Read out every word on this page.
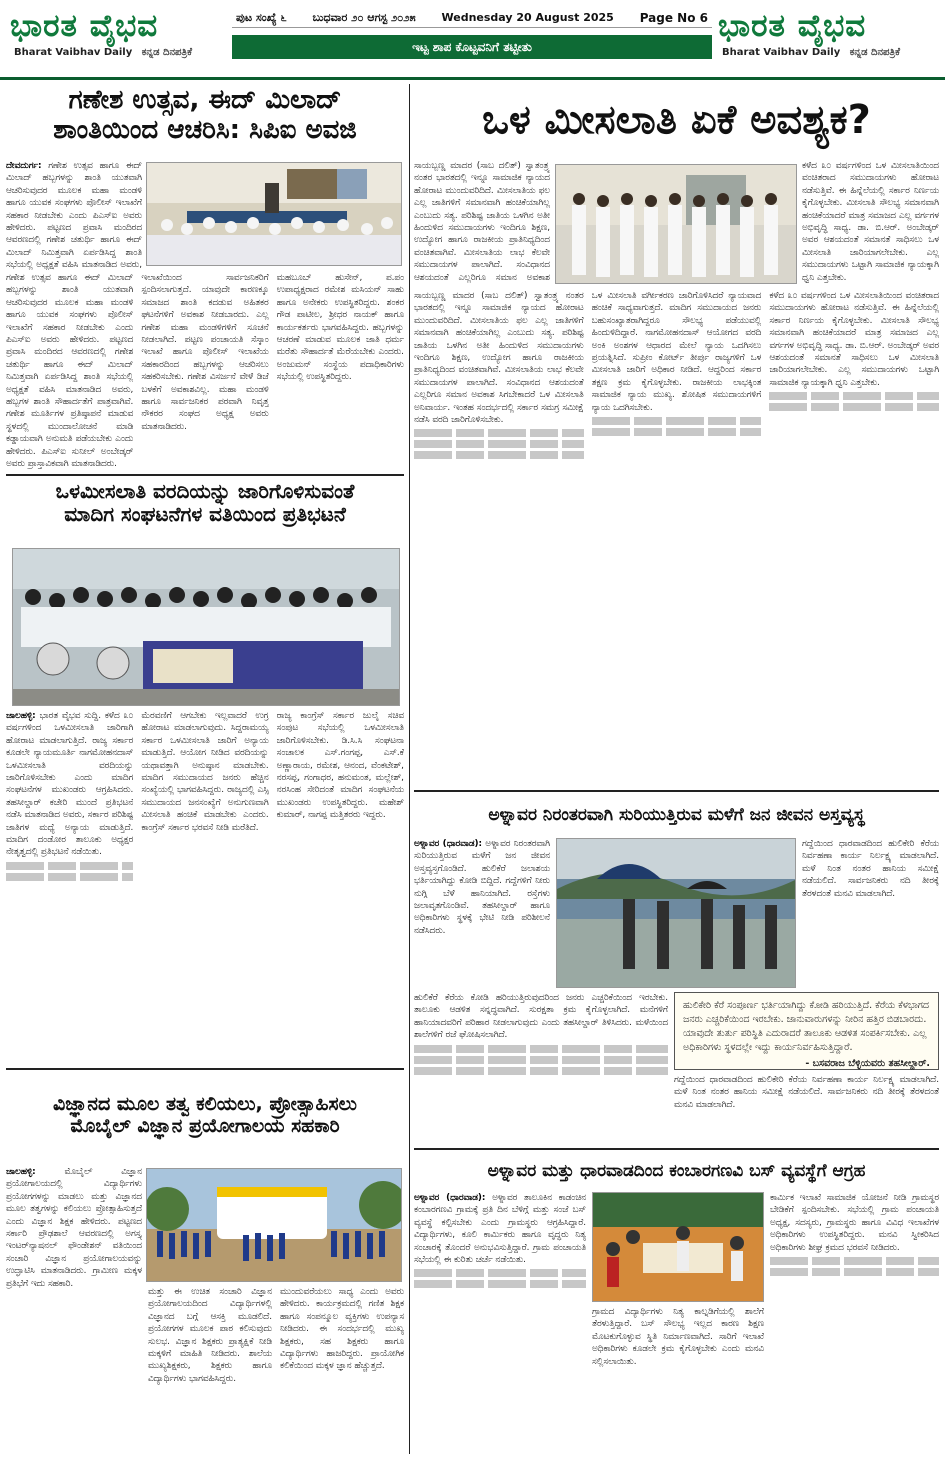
ಭಾರತ ವೈಭವ
Bharat Vaibhav Daily ಕನ್ನಡ ದಿನಪತ್ರಿಕೆ
ಪುಟ ಸಂಖ್ಯೆ ೬ ಬುಧವಾರ ೨೦ ಆಗಸ್ಟ ೨೦೨೫ Wednesday 20 August 2025 Page No 6
ಇಟ್ಟ ಶಾಪ ಕೊಟ್ಟವನಿಗೆ ತಟ್ಟೀತು
ಭಾರತ ವೈಭವ
Bharat Vaibhav Daily ಕನ್ನಡ ದಿನಪತ್ರಿಕೆ
ಗಣೇಶ ಉತ್ಸವ, ಈದ್ ಮಿಲಾದ್
ಶಾಂತಿಯಿಂದ ಆಚರಿಸಿ: ಸಿಪಿಐ ಅವಜಿ
ದೇವದುರ್ಗ: ಗಣೇಶ ಉತ್ಸವ ಹಾಗೂ ಈದ್ ಮಿಲಾದ್ ಹಬ್ಬಗಳನ್ನು ಶಾಂತಿ ಯುತವಾಗಿ ಆಚರಿಸುವುದರ ಮೂಲಕ ಮಹಾ ಮಂಡಳಿ ಹಾಗೂ ಯುವಕ ಸಂಘಗಳು ಪೊಲೀಸ್ ಇಲಾಖೆಗೆ ಸಹಕಾರ ನೀಡಬೇಕು ಎಂದು ಪಿಎಸ್ಐ ಅವರು ಹೇಳಿದರು. ಪಟ್ಟಣದ ಪ್ರವಾಸಿ ಮಂದಿರದ ಆವರಣದಲ್ಲಿ ಗಣೇಶ ಚತುರ್ಥಿ ಹಾಗೂ ಈದ್ ಮಿಲಾದ್ ನಿಮಿತ್ತವಾಗಿ ಏರ್ಪಡಿಸಿದ್ದ ಶಾಂತಿ ಸಭೆಯಲ್ಲಿ ಅಧ್ಯಕ್ಷತೆ ವಹಿಸಿ ಮಾತನಾಡಿದ ಅವರು,
ಗಣೇಶ ಉತ್ಸವ ಹಾಗೂ ಈದ್ ಮಿಲಾದ್ ಹಬ್ಬಗಳನ್ನು ಶಾಂತಿ ಯುತವಾಗಿ ಆಚರಿಸುವುದರ ಮೂಲಕ ಮಹಾ ಮಂಡಳಿ ಹಾಗೂ ಯುವಕ ಸಂಘಗಳು ಪೊಲೀಸ್ ಇಲಾಖೆಗೆ ಸಹಕಾರ ನೀಡಬೇಕು ಎಂದು ಪಿಎಸ್ಐ ಅವರು ಹೇಳಿದರು. ಪಟ್ಟಣದ ಪ್ರವಾಸಿ ಮಂದಿರದ ಆವರಣದಲ್ಲಿ ಗಣೇಶ ಚತುರ್ಥಿ ಹಾಗೂ ಈದ್ ಮಿಲಾದ್ ನಿಮಿತ್ತವಾಗಿ ಏರ್ಪಡಿಸಿದ್ದ ಶಾಂತಿ ಸಭೆಯಲ್ಲಿ ಅಧ್ಯಕ್ಷತೆ ವಹಿಸಿ ಮಾತನಾಡಿದ ಅವರು, ಹಬ್ಬಗಳ ಶಾಂತಿ ಸೌಹಾರ್ದತೆಗೆ ಪಾತ್ರವಾಗಿವೆ. ಗಣೇಶ ಮೂರ್ತಿಗಳ ಪ್ರತಿಷ್ಠಾಪನೆ ಮಾಡುವ ಸ್ಥಳದಲ್ಲಿ ಮುಂದಾಲೋಚನೆ ಮಾಡಿ ಕಡ್ಡಾಯವಾಗಿ ಅನುಮತಿ ಪಡೆಯಬೇಕು ಎಂದು ಹೇಳಿದರು. ಪಿಎಸ್ಐ ಸುನೀಲ್ ಅಂಬೇಡ್ಕರ್ ಅವರು ಪ್ರಾಸ್ತಾವಿಕವಾಗಿ ಮಾತನಾಡಿದರು.
ಇಲಾಖೆಯಿಂದ ಸಾರ್ವಜನಿಕರಿಗೆ ಸ್ಪಂದಿಸಲಾಗುತ್ತದೆ. ಯಾವುದೇ ಕಾರಣಕ್ಕೂ ಸಮಾಜದ ಶಾಂತಿ ಕದಡುವ ಅಹಿತಕರ ಘಟನೆಗಳಿಗೆ ಅವಕಾಶ ನೀಡಬಾರದು. ಎಲ್ಲ ಗಣೇಶ ಮಹಾ ಮಂಡಳಿಗಳಿಗೆ ಸೂಚನೆ ನೀಡಲಾಗಿದೆ. ಪಟ್ಟಣ ಪಂಚಾಯತಿ ಸೆಸ್ಕಾಂ ಇಲಾಖೆ ಹಾಗೂ ಪೊಲೀಸ್ ಇಲಾಖೆಯ ಸಹಕಾರದಿಂದ ಹಬ್ಬಗಳನ್ನು ಆಚರಿಸಲು ಸಹಕರಿಸಬೇಕು. ಗಣೇಶ ವಿಸರ್ಜನೆ ವೇಳೆ ಡಿಜೆ ಬಳಕೆಗೆ ಅವಕಾಶವಿಲ್ಲ. ಮಹಾ ಮಂಡಳಿ ಹಾಗೂ ಸಾರ್ವಜನಿಕರ ಪರವಾಗಿ ನಿವೃತ್ತ ನೌಕರರ ಸಂಘದ ಅಧ್ಯಕ್ಷ ಅವರು ಮಾತನಾಡಿದರು.
ಮಹಬೂಬ್ ಹುಸೇನ್, ಪ.ಪಂ ಉಪಾಧ್ಯಕ್ಷರಾದ ರಮೇಶ ಮಸಿಯನ್ ಸಾಹು ಹಾಗೂ ಅನೇಕರು ಉಪಸ್ಥಿತರಿದ್ದರು. ಶಂಕರ ಗೌಡ ಪಾಟೀಲ, ಶ್ರೀಧರ ನಾಯಕ್ ಹಾಗೂ ಕಾರ್ಯಕರ್ತರು ಭಾಗವಹಿಸಿದ್ದರು. ಹಬ್ಬಗಳನ್ನು ಆಚರಣೆ ಮಾಡುವ ಮೂಲಕ ಜಾತಿ ಧರ್ಮ ಮರೆತು ಸೌಹಾರ್ದತೆ ಮೆರೆಯಬೇಕು ಎಂದರು. ಅಂಜುಮನ್ ಸಂಸ್ಥೆಯ ಪದಾಧಿಕಾರಿಗಳು ಸಭೆಯಲ್ಲಿ ಉಪಸ್ಥಿತರಿದ್ದರು.
ಒಳಮೀಸಲಾತಿ ವರದಿಯನ್ನು ಜಾರಿಗೊಳಿಸುವಂತೆ
ಮಾದಿಗ ಸಂಘಟನೆಗಳ ವತಿಯಿಂದ ಪ್ರತಿಭಟನೆ
ಜಾಲಹಳ್ಳಿ: ಭಾರತ ವೈಭವ ಸುದ್ದಿ. ಕಳೆದ ೩೦ ವರ್ಷಗಳಿಂದ ಒಳಮೀಸಲಾತಿ ಜಾರಿಗಾಗಿ ಹೋರಾಟ ಮಾಡಲಾಗುತ್ತಿದೆ. ರಾಜ್ಯ ಸರ್ಕಾರ ಕೂಡಲೇ ನ್ಯಾಯಮೂರ್ತಿ ನಾಗಮೋಹನದಾಸ್ ಒಳಮೀಸಲಾತಿ ವರದಿಯನ್ನು ಜಾರಿಗೊಳಿಸಬೇಕು ಎಂದು ಮಾದಿಗ ಸಂಘಟನೆಗಳ ಮುಖಂಡರು ಆಗ್ರಹಿಸಿದರು. ತಹಸೀಲ್ದಾರ್ ಕಚೇರಿ ಮುಂದೆ ಪ್ರತಿಭಟನೆ ನಡೆಸಿ ಮಾತನಾಡಿದ ಅವರು, ಸರ್ಕಾರ ಪರಿಶಿಷ್ಟ ಜಾತಿಗಳ ಮಧ್ಯೆ ಅನ್ಯಾಯ ಮಾಡುತ್ತಿದೆ. ಮಾದಿಗ ದಂಡೋರ ತಾಲೂಕು ಅಧ್ಯಕ್ಷರ ನೇತೃತ್ವದಲ್ಲಿ ಪ್ರತಿಭಟನೆ ನಡೆಯಿತು.
ಮೆರವಣಿಗೆ ಆಗಬೇಕು ಇಲ್ಲವಾದರೆ ಉಗ್ರ ಹೋರಾಟ ಮಾಡಲಾಗುವುದು. ಸಿದ್ದರಾಮಯ್ಯ ಸರ್ಕಾರ ಒಳಮೀಸಲಾತಿ ಜಾರಿಗೆ ಅನ್ಯಾಯ ಮಾಡುತ್ತಿದೆ. ಆಯೋಗ ನೀಡಿದ ವರದಿಯನ್ನು ಯಥಾವತ್ತಾಗಿ ಅನುಷ್ಠಾನ ಮಾಡಬೇಕು. ಮಾದಿಗ ಸಮುದಾಯದ ಜನರು ಹೆಚ್ಚಿನ ಸಂಖ್ಯೆಯಲ್ಲಿ ಭಾಗವಹಿಸಿದ್ದರು. ರಾಜ್ಯದಲ್ಲಿ ಎಸ್ಸಿ ಸಮುದಾಯದ ಜನಸಂಖ್ಯೆಗೆ ಅನುಗುಣವಾಗಿ ಮೀಸಲಾತಿ ಹಂಚಿಕೆ ಮಾಡಬೇಕು ಎಂದರು. ಕಾಂಗ್ರೆಸ್ ಸರ್ಕಾರ ಭರವಸೆ ನೀಡಿ ಮರೆತಿದೆ.
ರಾಜ್ಯ ಕಾಂಗ್ರೆಸ್ ಸರ್ಕಾರ ಜುಲೈ ಸಚಿವ ಸಂಪುಟ ಸಭೆಯಲ್ಲಿ ಒಳಮೀಸಲಾತಿ ಜಾರಿಗೊಳಿಸಬೇಕು. ಡಿ.ಸಿ.ಸಿ ಸಂಘಟನಾ ಸಂಚಾಲಕ ಎಸ್.ಗಂಗಪ್ಪ, ಎಸ್.ಕೆ ಅಣ್ಣಾರಾಯ, ರಮೇಶ, ಆನಂದ, ವೆಂಕಟೇಶ್, ನರಸಪ್ಪ, ಗಂಗಾಧರ, ಹನುಮಂತ, ಮಲ್ಲೇಶ್, ನರಸಿಂಹ ಸೇರಿದಂತೆ ಮಾದಿಗ ಸಂಘಟನೆಯ ಮುಖಂಡರು ಉಪಸ್ಥಿತರಿದ್ದರು. ಮಹೇಶ್ ಕುಮಾರ್, ನಾಗಪ್ಪ ಮತ್ತಿತರರು ಇದ್ದರು.
ವಿಜ್ಞಾನದ ಮೂಲ ತತ್ವ ಕಲಿಯಲು, ಪ್ರೋತ್ಸಾಹಿಸಲು
ಮೊಬೈಲ್ ವಿಜ್ಞಾನ ಪ್ರಯೋಗಾಲಯ ಸಹಕಾರಿ
ಜಾಲಹಳ್ಳಿ:	ಮೊಬೈಲ್ ವಿಜ್ಞಾನ ಪ್ರಯೋಗಾಲಯದಲ್ಲಿ ವಿದ್ಯಾರ್ಥಿಗಳು ಪ್ರಯೋಗಗಳನ್ನು ಮಾಡಲು ಮತ್ತು ವಿಜ್ಞಾನದ ಮೂಲ ತತ್ವಗಳನ್ನು ಕಲಿಯಲು ಪ್ರೋತ್ಸಾಹಿಸುತ್ತದೆ ಎಂದು ವಿಜ್ಞಾನ ಶಿಕ್ಷಕ ಹೇಳಿದರು. ಪಟ್ಟಣದ ಸರ್ಕಾರಿ ಪ್ರೌಢಶಾಲೆ ಆವರಣದಲ್ಲಿ ಅಗಸ್ತ್ಯ ಇಂಟರ್‌ನ್ಯಾಷನಲ್ ಫೌಂಡೇಶನ್ ವತಿಯಿಂದ ಸಂಚಾರಿ ವಿಜ್ಞಾನ ಪ್ರಯೋಗಾಲಯವನ್ನು ಉದ್ಘಾಟಿಸಿ ಮಾತನಾಡಿದರು. ಗ್ರಾಮೀಣ ಮಕ್ಕಳ ಪ್ರತಿಭೆಗೆ ಇದು ಸಹಕಾರಿ.
ಮತ್ತು ಈ ಉಚಿತ ಸಂಚಾರಿ ವಿಜ್ಞಾನ ಪ್ರಯೋಗಾಲಯದಿಂದ ವಿದ್ಯಾರ್ಥಿಗಳಲ್ಲಿ ವಿಜ್ಞಾನದ ಬಗ್ಗೆ ಆಸಕ್ತಿ ಮೂಡಲಿದೆ. ಪ್ರಯೋಗಗಳ ಮೂಲಕ ಪಾಠ ಕಲಿಸುವುದು ಸುಲಭ. ವಿಜ್ಞಾನ ಶಿಕ್ಷಕರು ಪ್ರಾತ್ಯಕ್ಷಿಕೆ ನೀಡಿ ಮಕ್ಕಳಿಗೆ ಮಾಹಿತಿ ನೀಡಿದರು. ಶಾಲೆಯ ಮುಖ್ಯಶಿಕ್ಷಕರು, ಶಿಕ್ಷಕರು ಹಾಗೂ ವಿದ್ಯಾರ್ಥಿಗಳು ಭಾಗವಹಿಸಿದ್ದರು.
ಮುಂದುವರೆಯಲು ಸಾಧ್ಯ ಎಂದು ಅವರು ಹೇಳಿದರು. ಕಾರ್ಯಕ್ರಮದಲ್ಲಿ ಗಣಿತ ಶಿಕ್ಷಕ ಹಾಗೂ ಸಂಪನ್ಮೂಲ ವ್ಯಕ್ತಿಗಳು ಉಪನ್ಯಾಸ ನೀಡಿದರು. ಈ ಸಂದರ್ಭದಲ್ಲಿ ಮುಖ್ಯ ಶಿಕ್ಷಕರು, ಸಹ ಶಿಕ್ಷಕರು ಹಾಗೂ ವಿದ್ಯಾರ್ಥಿಗಳು ಹಾಜರಿದ್ದರು. ಪ್ರಾಯೋಗಿಕ ಕಲಿಕೆಯಿಂದ ಮಕ್ಕಳ ಜ್ಞಾನ ಹೆಚ್ಚುತ್ತದೆ.
ಒಳ ಮೀಸಲಾತಿ ಏಕೆ ಅವಶ್ಯಕ?
ಸಾಯಬ್ಬಣ್ಣ ಮಾದರ (ಸಾಬ ದಲಿತ್) ಸ್ವಾತಂತ್ರ್ಯ ನಂತರ ಭಾರತದಲ್ಲಿ ಇನ್ನೂ ಸಾಮಾಜಿಕ ನ್ಯಾಯದ ಹೋರಾಟ ಮುಂದುವರಿದಿದೆ. ಮೀಸಲಾತಿಯ ಫಲ ಎಲ್ಲ ಜಾತಿಗಳಿಗೆ ಸಮಾನವಾಗಿ ಹಂಚಿಕೆಯಾಗಿಲ್ಲ ಎಂಬುದು ಸತ್ಯ. ಪರಿಶಿಷ್ಟ ಜಾತಿಯ ಒಳಗಿನ ಅತೀ ಹಿಂದುಳಿದ ಸಮುದಾಯಗಳು ಇಂದಿಗೂ ಶಿಕ್ಷಣ, ಉದ್ಯೋಗ ಹಾಗೂ ರಾಜಕೀಯ ಪ್ರಾತಿನಿಧ್ಯದಿಂದ ವಂಚಿತವಾಗಿವೆ. ಮೀಸಲಾತಿಯ ಲಾಭ ಕೆಲವೇ ಸಮುದಾಯಗಳ ಪಾಲಾಗಿದೆ. ಸಂವಿಧಾನದ ಆಶಯದಂತೆ ಎಲ್ಲರಿಗೂ ಸಮಾನ ಅವಕಾಶ
ಕಳೆದ ೩೦ ವರ್ಷಗಳಿಂದ ಒಳ ಮೀಸಲಾತಿಯಿಂದ ವಂಚಿತರಾದ ಸಮುದಾಯಗಳು ಹೋರಾಟ ನಡೆಸುತ್ತಿವೆ. ಈ ಹಿನ್ನೆಲೆಯಲ್ಲಿ ಸರ್ಕಾರ ನಿರ್ಣಯ ಕೈಗೊಳ್ಳಬೇಕು. ಮೀಸಲಾತಿ ಸೌಲಭ್ಯ ಸಮಾನವಾಗಿ ಹಂಚಿಕೆಯಾದರೆ ಮಾತ್ರ ಸಮಾಜದ ಎಲ್ಲ ವರ್ಗಗಳ ಅಭಿವೃದ್ಧಿ ಸಾಧ್ಯ. ಡಾ. ಬಿ.ಆರ್. ಅಂಬೇಡ್ಕರ್ ಅವರ ಆಶಯದಂತೆ ಸಮಾನತೆ ಸಾಧಿಸಲು ಒಳ ಮೀಸಲಾತಿ ಜಾರಿಯಾಗಲೇಬೇಕು. ಎಲ್ಲ ಸಮುದಾಯಗಳು ಒಟ್ಟಾಗಿ ಸಾಮಾಜಿಕ ನ್ಯಾಯಕ್ಕಾಗಿ ಧ್ವನಿ ಎತ್ತಬೇಕು.
ಸಾಯಬ್ಬಣ್ಣ ಮಾದರ (ಸಾಬ ದಲಿತ್) ಸ್ವಾತಂತ್ರ್ಯ ನಂತರ ಭಾರತದಲ್ಲಿ ಇನ್ನೂ ಸಾಮಾಜಿಕ ನ್ಯಾಯದ ಹೋರಾಟ ಮುಂದುವರಿದಿದೆ. ಮೀಸಲಾತಿಯ ಫಲ ಎಲ್ಲ ಜಾತಿಗಳಿಗೆ ಸಮಾನವಾಗಿ ಹಂಚಿಕೆಯಾಗಿಲ್ಲ ಎಂಬುದು ಸತ್ಯ. ಪರಿಶಿಷ್ಟ ಜಾತಿಯ ಒಳಗಿನ ಅತೀ ಹಿಂದುಳಿದ ಸಮುದಾಯಗಳು ಇಂದಿಗೂ ಶಿಕ್ಷಣ, ಉದ್ಯೋಗ ಹಾಗೂ ರಾಜಕೀಯ ಪ್ರಾತಿನಿಧ್ಯದಿಂದ ವಂಚಿತವಾಗಿವೆ. ಮೀಸಲಾತಿಯ ಲಾಭ ಕೆಲವೇ ಸಮುದಾಯಗಳ ಪಾಲಾಗಿದೆ. ಸಂವಿಧಾನದ ಆಶಯದಂತೆ ಎಲ್ಲರಿಗೂ ಸಮಾನ ಅವಕಾಶ ಸಿಗಬೇಕಾದರೆ ಒಳ ಮೀಸಲಾತಿ ಅನಿವಾರ್ಯ. ಇಂತಹ ಸಂದರ್ಭದಲ್ಲಿ ಸರ್ಕಾರ ಸಮಗ್ರ ಸಮೀಕ್ಷೆ ನಡೆಸಿ ವರದಿ ಜಾರಿಗೊಳಿಸಬೇಕು.
ಒಳ ಮೀಸಲಾತಿ ವರ್ಗೀಕರಣ ಜಾರಿಗೊಳಿಸಿದರೆ ನ್ಯಾಯವಾದ ಹಂಚಿಕೆ ಸಾಧ್ಯವಾಗುತ್ತದೆ. ಮಾದಿಗ ಸಮುದಾಯದ ಜನರು ಬಹುಸಂಖ್ಯಾತರಾಗಿದ್ದರೂ ಸೌಲಭ್ಯ ಪಡೆಯುವಲ್ಲಿ ಹಿಂದುಳಿದಿದ್ದಾರೆ. ನಾಗಮೋಹನದಾಸ್ ಆಯೋಗದ ವರದಿ ಅಂಕಿ ಅಂಶಗಳ ಆಧಾರದ ಮೇಲೆ ನ್ಯಾಯ ಒದಗಿಸಲು ಪ್ರಯತ್ನಿಸಿದೆ. ಸುಪ್ರೀಂ ಕೋರ್ಟ್ ತೀರ್ಪು ರಾಜ್ಯಗಳಿಗೆ ಒಳ ಮೀಸಲಾತಿ ಜಾರಿಗೆ ಅಧಿಕಾರ ನೀಡಿದೆ. ಆದ್ದರಿಂದ ಸರ್ಕಾರ ತಕ್ಷಣ ಕ್ರಮ ಕೈಗೊಳ್ಳಬೇಕು. ರಾಜಕೀಯ ಲಾಭಕ್ಕಿಂತ ಸಾಮಾಜಿಕ ನ್ಯಾಯ ಮುಖ್ಯ. ಶೋಷಿತ ಸಮುದಾಯಗಳಿಗೆ ನ್ಯಾಯ ಒದಗಿಸಬೇಕು.
ಕಳೆದ ೩೦ ವರ್ಷಗಳಿಂದ ಒಳ ಮೀಸಲಾತಿಯಿಂದ ವಂಚಿತರಾದ ಸಮುದಾಯಗಳು ಹೋರಾಟ ನಡೆಸುತ್ತಿವೆ. ಈ ಹಿನ್ನೆಲೆಯಲ್ಲಿ ಸರ್ಕಾರ ನಿರ್ಣಯ ಕೈಗೊಳ್ಳಬೇಕು. ಮೀಸಲಾತಿ ಸೌಲಭ್ಯ ಸಮಾನವಾಗಿ ಹಂಚಿಕೆಯಾದರೆ ಮಾತ್ರ ಸಮಾಜದ ಎಲ್ಲ ವರ್ಗಗಳ ಅಭಿವೃದ್ಧಿ ಸಾಧ್ಯ. ಡಾ. ಬಿ.ಆರ್. ಅಂಬೇಡ್ಕರ್ ಅವರ ಆಶಯದಂತೆ ಸಮಾನತೆ ಸಾಧಿಸಲು ಒಳ ಮೀಸಲಾತಿ ಜಾರಿಯಾಗಲೇಬೇಕು. ಎಲ್ಲ ಸಮುದಾಯಗಳು ಒಟ್ಟಾಗಿ ಸಾಮಾಜಿಕ ನ್ಯಾಯಕ್ಕಾಗಿ ಧ್ವನಿ ಎತ್ತಬೇಕು.
ಅಳ್ನಾವರ ನಿರಂತರವಾಗಿ ಸುರಿಯುತ್ತಿರುವ ಮಳೆಗೆ ಜನ ಜೀವನ ಅಸ್ತವ್ಯಸ್ಥ
ಅಳ್ನಾವರ (ಧಾರವಾಡ): ಅಳ್ನಾವರ ನಿರಂತರವಾಗಿ ಸುರಿಯುತ್ತಿರುವ ಮಳೆಗೆ ಜನ ಜೀವನ ಅಸ್ತವ್ಯಸ್ತಗೊಂಡಿದೆ. ಹುಲಿಕೆರೆ ಜಲಾಶಯ ಭರ್ತಿಯಾಗಿದ್ದು ಕೋಡಿ ಬಿದ್ದಿದೆ. ಗದ್ದೆಗಳಿಗೆ ನೀರು ನುಗ್ಗಿ ಬೆಳೆ ಹಾನಿಯಾಗಿದೆ. ರಸ್ತೆಗಳು ಜಲಾವೃತಗೊಂಡಿವೆ. ತಹಸೀಲ್ದಾರ್ ಹಾಗೂ ಅಧಿಕಾರಿಗಳು ಸ್ಥಳಕ್ಕೆ ಭೇಟಿ ನೀಡಿ ಪರಿಶೀಲನೆ ನಡೆಸಿದರು.
ಗದ್ದೆಯಿಂದ ಧಾರವಾಡದಿಂದ ಹುಲಿಕೇರಿ ಕೆರೆಯ ನಿರ್ವಹಣಾ ಕಾರ್ಯ ನಿರ್ಲಕ್ಷ್ಯ ಮಾಡಲಾಗಿದೆ. ಮಳೆ ನಿಂತ ನಂತರ ಹಾನಿಯ ಸಮೀಕ್ಷೆ ನಡೆಯಲಿದೆ. ಸಾರ್ವಜನಿಕರು ನದಿ ತೀರಕ್ಕೆ ತೆರಳದಂತೆ ಮನವಿ ಮಾಡಲಾಗಿದೆ.
ಹುಲಿಕೇರಿ ಕೆರೆ ಸಂಪೂರ್ಣ ಭರ್ತಿಯಾಗಿದ್ದು ಕೋಡಿ ಹರಿಯುತ್ತಿದೆ. ಕೆರೆಯ ಕೆಳಭಾಗದ ಜನರು ಎಚ್ಚರಿಕೆಯಿಂದ ಇರಬೇಕು. ಜಾನುವಾರುಗಳನ್ನು ನೀರಿನ ಹತ್ತಿರ ಬಿಡಬಾರದು. ಯಾವುದೇ ತುರ್ತು ಪರಿಸ್ಥಿತಿ ಎದುರಾದರೆ ತಾಲೂಕು ಆಡಳಿತ ಸಂಪರ್ಕಿಸಬೇಕು. ಎಲ್ಲ ಅಧಿಕಾರಿಗಳು ಸ್ಥಳದಲ್ಲೇ ಇದ್ದು ಕಾರ್ಯನಿರ್ವಹಿಸುತ್ತಿದ್ದಾರೆ.
- ಬಸವರಾಜ ಬೆಳ್ಳಿಯವರು ತಹಸೀಲ್ದಾರ್.
ಹುಲಿಕೆರೆ ಕೆರೆಯ ಕೋಡಿ ಹರಿಯುತ್ತಿರುವುದರಿಂದ ಜನರು ಎಚ್ಚರಿಕೆಯಿಂದ ಇರಬೇಕು. ತಾಲೂಕು ಆಡಳಿತ ಸನ್ನದ್ಧವಾಗಿದೆ. ಸುರಕ್ಷತಾ ಕ್ರಮ ಕೈಗೊಳ್ಳಲಾಗಿದೆ. ಮನೆಗಳಿಗೆ ಹಾನಿಯಾದವರಿಗೆ ಪರಿಹಾರ ನೀಡಲಾಗುವುದು ಎಂದು ತಹಸೀಲ್ದಾರ್ ತಿಳಿಸಿದರು. ಮಳೆಯಿಂದ ಶಾಲೆಗಳಿಗೆ ರಜೆ ಘೋಷಿಸಲಾಗಿದೆ.
ಗದ್ದೆಯಿಂದ ಧಾರವಾಡದಿಂದ ಹುಲಿಕೇರಿ ಕೆರೆಯ ನಿರ್ವಹಣಾ ಕಾರ್ಯ ನಿರ್ಲಕ್ಷ್ಯ ಮಾಡಲಾಗಿದೆ. ಮಳೆ ನಿಂತ ನಂತರ ಹಾನಿಯ ಸಮೀಕ್ಷೆ ನಡೆಯಲಿದೆ. ಸಾರ್ವಜನಿಕರು ನದಿ ತೀರಕ್ಕೆ ತೆರಳದಂತೆ ಮನವಿ ಮಾಡಲಾಗಿದೆ.
ಅಳ್ನಾವರ ಮತ್ತು ಧಾರವಾಡದಿಂದ ಕಂಬಾರಗಣವಿ ಬಸ್ ವ್ಯವಸ್ಥೆಗೆ ಆಗ್ರಹ
ಅಳ್ನಾವರ (ಧಾರವಾಡ): ಅಳ್ನಾವರ ತಾಲೂಕಿನ ಕಾಡಂಚಿನ ಕಂಬಾರಗಣವಿ ಗ್ರಾಮಕ್ಕೆ ಪ್ರತಿ ದಿನ ಬೆಳಿಗ್ಗೆ ಮತ್ತು ಸಂಜೆ ಬಸ್ ವ್ಯವಸ್ಥೆ ಕಲ್ಪಿಸಬೇಕು ಎಂದು ಗ್ರಾಮಸ್ಥರು ಆಗ್ರಹಿಸಿದ್ದಾರೆ. ವಿದ್ಯಾರ್ಥಿಗಳು, ಕೂಲಿ ಕಾರ್ಮಿಕರು ಹಾಗೂ ವೃದ್ಧರು ನಿತ್ಯ ಸಂಚಾರಕ್ಕೆ ತೊಂದರೆ ಅನುಭವಿಸುತ್ತಿದ್ದಾರೆ. ಗ್ರಾಮ ಪಂಚಾಯತಿ ಸಭೆಯಲ್ಲಿ ಈ ಕುರಿತು ಚರ್ಚೆ ನಡೆಯಿತು.
ಗ್ರಾಮದ ವಿದ್ಯಾರ್ಥಿಗಳು ನಿತ್ಯ ಕಾಲ್ನಡಿಗೆಯಲ್ಲಿ ಶಾಲೆಗೆ ತೆರಳುತ್ತಿದ್ದಾರೆ. ಬಸ್ ಸೌಲಭ್ಯ ಇಲ್ಲದ ಕಾರಣ ಶಿಕ್ಷಣ ಮೊಟಕುಗೊಳ್ಳುವ ಸ್ಥಿತಿ ನಿರ್ಮಾಣವಾಗಿದೆ. ಸಾರಿಗೆ ಇಲಾಖೆ ಅಧಿಕಾರಿಗಳು ಕೂಡಲೇ ಕ್ರಮ ಕೈಗೊಳ್ಳಬೇಕು ಎಂದು ಮನವಿ ಸಲ್ಲಿಸಲಾಯಿತು.
ಕಾರ್ಮಿಕ ಇಲಾಖೆ ಸಾಮಾಜಿಕ ಯೋಜನೆ ನೀಡಿ ಗ್ರಾಮಸ್ಥರ ಬೇಡಿಕೆಗೆ ಸ್ಪಂದಿಸಬೇಕು. ಸಭೆಯಲ್ಲಿ ಗ್ರಾಮ ಪಂಚಾಯತಿ ಅಧ್ಯಕ್ಷ, ಸದಸ್ಯರು, ಗ್ರಾಮಸ್ಥರು ಹಾಗೂ ವಿವಿಧ ಇಲಾಖೆಗಳ ಅಧಿಕಾರಿಗಳು ಉಪಸ್ಥಿತರಿದ್ದರು. ಮನವಿ ಸ್ವೀಕರಿಸಿದ ಅಧಿಕಾರಿಗಳು ಶೀಘ್ರ ಕ್ರಮದ ಭರವಸೆ ನೀಡಿದರು.
